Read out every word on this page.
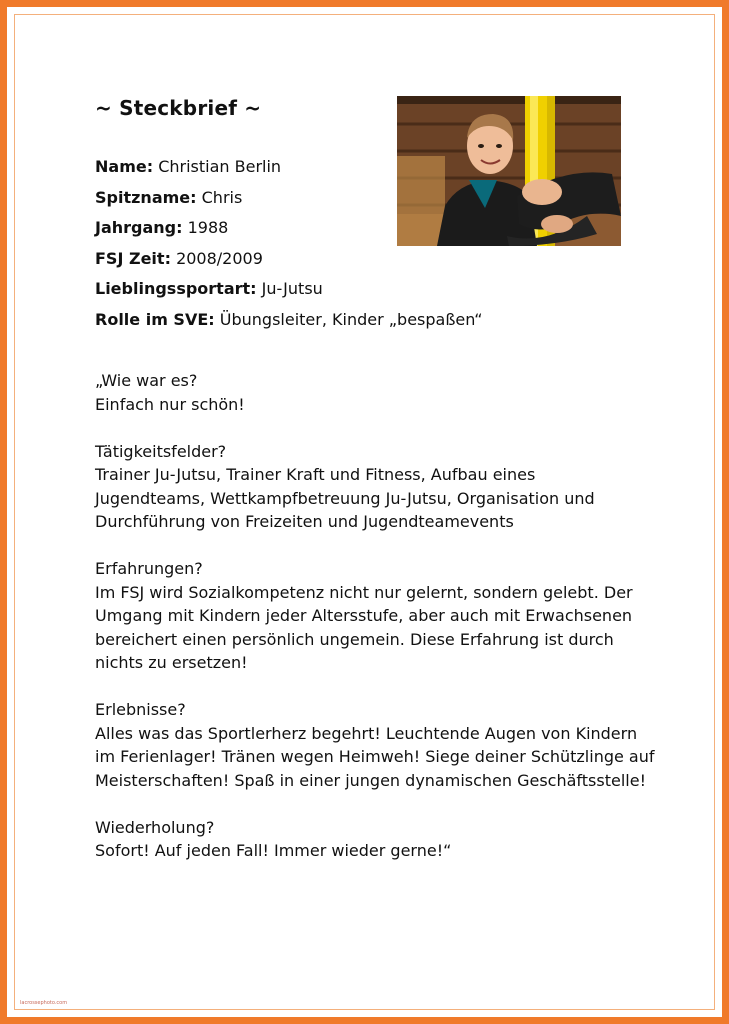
~ Steckbrief ~
Name: Christian Berlin
Spitzname: Chris
Jahrgang: 1988
FSJ Zeit: 2008/2009
Lieblingssportart: Ju-Jutsu
Rolle im SVE: Übungsleiter, Kinder „bespaßen“
„Wie war es?
Einfach nur schön!
Tätigkeitsfelder?
Trainer Ju-Jutsu, Trainer Kraft und Fitness, Aufbau eines
Jugendteams, Wettkampfbetreuung Ju-Jutsu, Organisation und
Durchführung von Freizeiten und Jugendteamevents
Erfahrungen?
Im FSJ wird Sozialkompetenz nicht nur gelernt, sondern gelebt. Der
Umgang mit Kindern jeder Altersstufe, aber auch mit Erwachsenen
bereichert einen persönlich ungemein. Diese Erfahrung ist durch
nichts zu ersetzen!
Erlebnisse?
Alles was das Sportlerherz begehrt! Leuchtende Augen von Kindern
im Ferienlager! Tränen wegen Heimweh! Siege deiner Schützlinge auf
Meisterschaften! Spaß in einer jungen dynamischen Geschäftsstelle!
Wiederholung?
Sofort! Auf jeden Fall! Immer wieder gerne!“
lacrossephoto.com
